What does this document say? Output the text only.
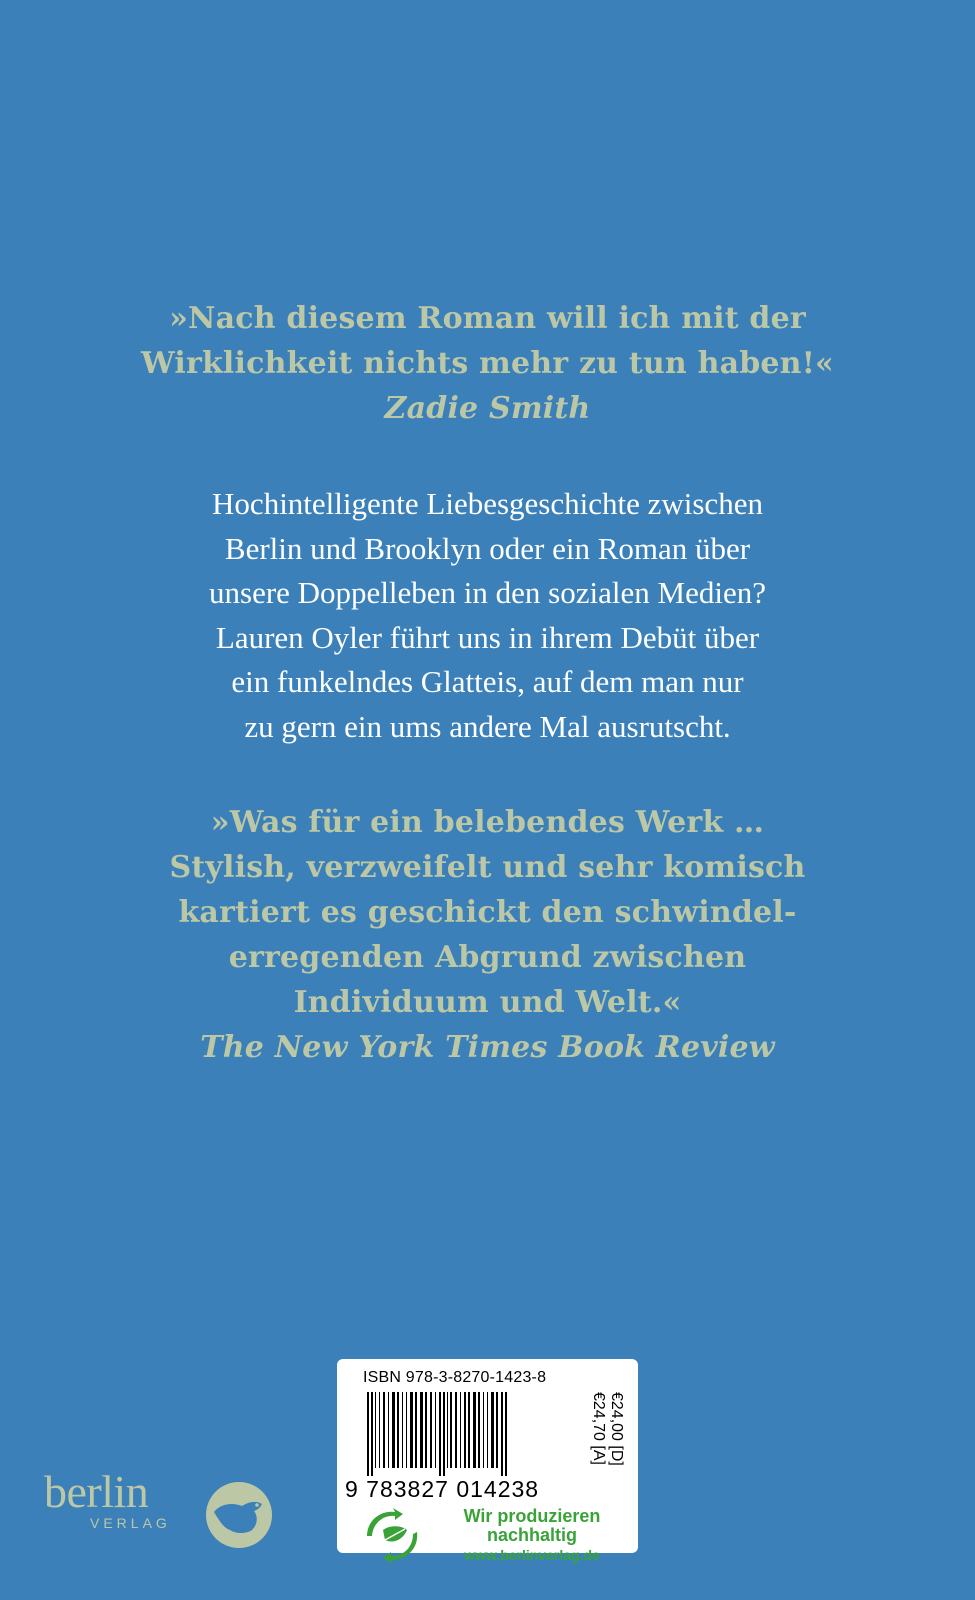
»Nach diesem Roman will ich mit der
Wirklichkeit nichts mehr zu tun haben!«
Zadie Smith
Hochintelligente Liebesgeschichte zwischen
Berlin und Brooklyn oder ein Roman über
unsere Doppelleben in den sozialen Medien?
Lauren Oyler führt uns in ihrem Debüt über
ein funkelndes Glatteis, auf dem man nur
zu gern ein ums andere Mal ausrutscht.
»Was für ein belebendes Werk …
Stylish, verzweifelt und sehr komisch
kartiert es geschickt den schwindel-
erregenden Abgrund zwischen
Individuum und Welt.«
The New York Times Book Review
berlin
VERLAG
ISBN 978-3-8270-1423-8
9 783827 014238
€24,00 [D]
€24,70 [A]
Wir produzieren
nachhaltig
www.berlinverlag.de
